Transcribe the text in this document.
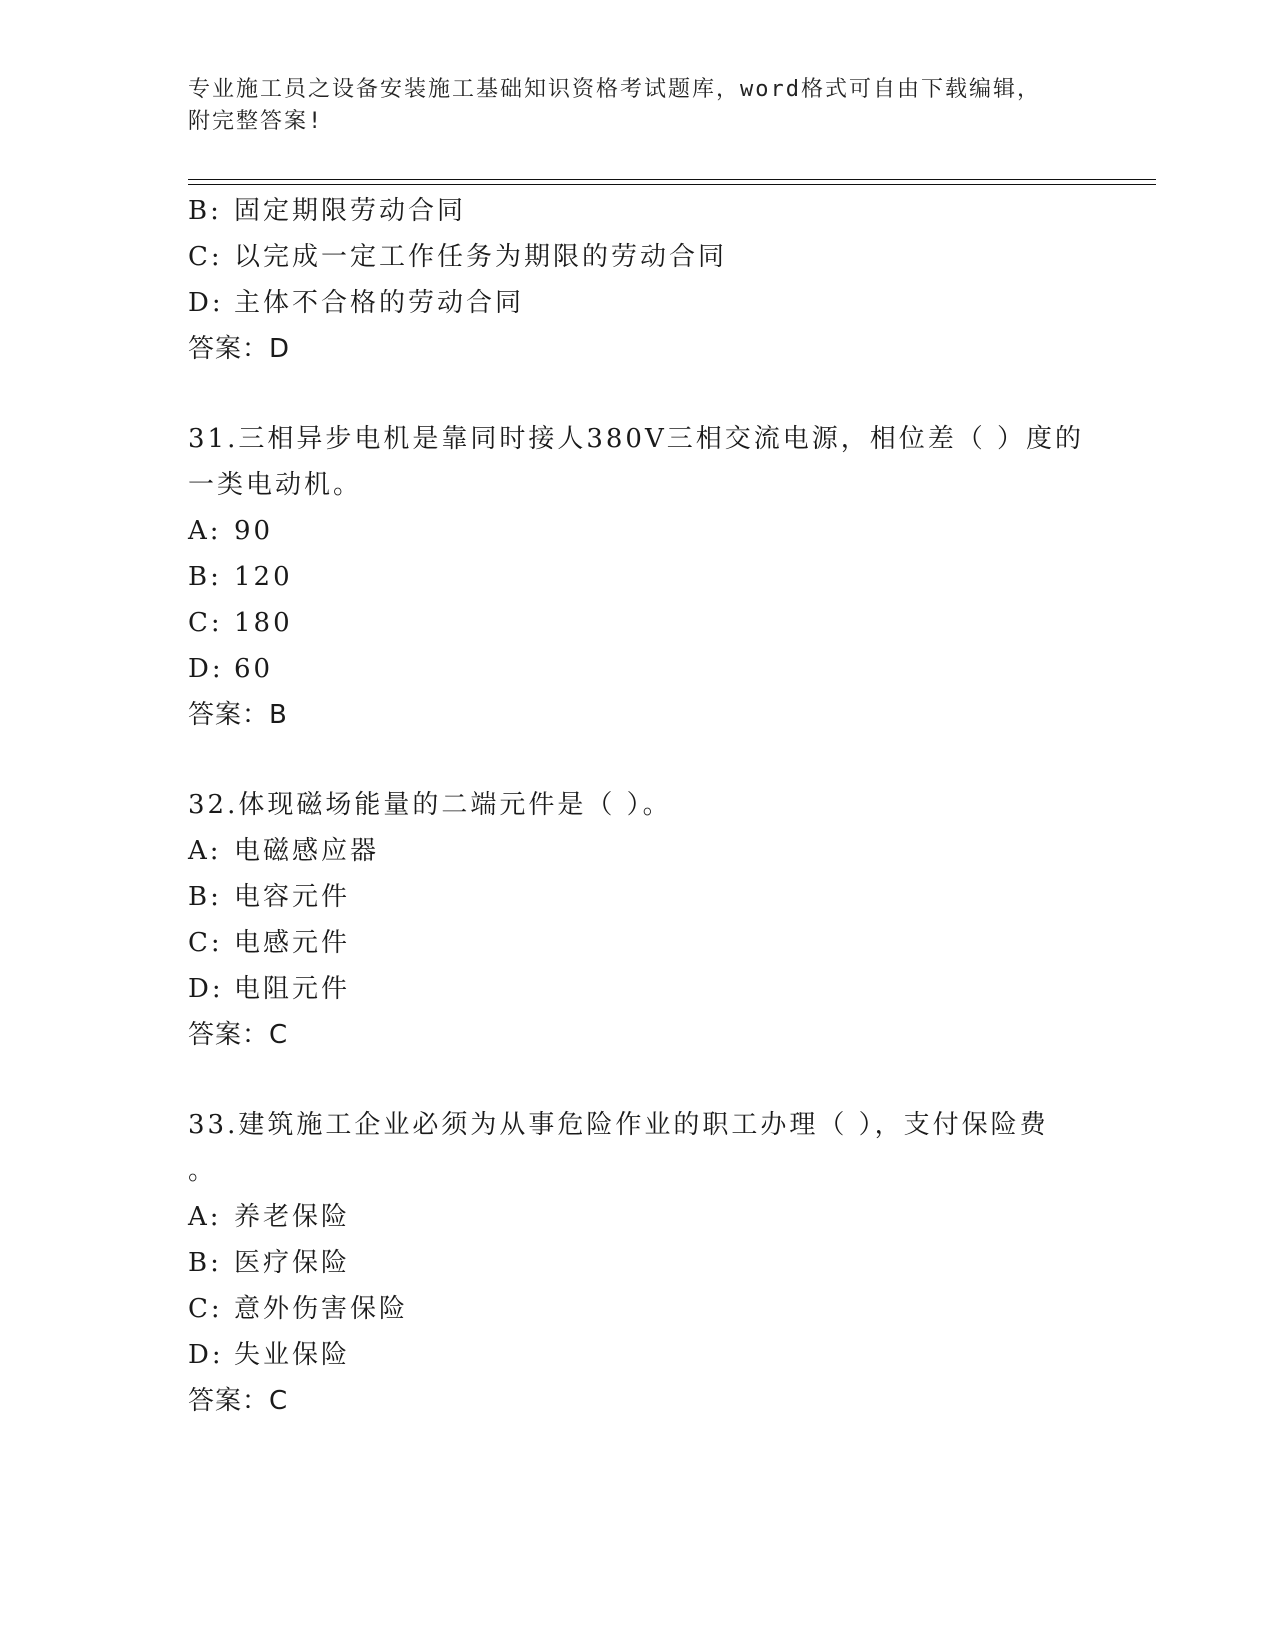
专业施工员之设备安装施工基础知识资格考试题库，word格式可自由下载编辑，
附完整答案!
B: 固定期限劳动合同
C: 以完成一定工作任务为期限的劳动合同
D: 主体不合格的劳动合同
答案：D
31.三相异步电机是靠同时接人380V三相交流电源，相位差（ ）度的
一类电动机。
A: 90
B: 120
C: 180
D: 60
答案：B
32.体现磁场能量的二端元件是（ ）。
A: 电磁感应器
B: 电容元件
C: 电感元件
D: 电阻元件
答案：C
33.建筑施工企业必须为从事危险作业的职工办理（ ），支付保险费
。
A: 养老保险
B: 医疗保险
C: 意外伤害保险
D: 失业保险
答案：C
